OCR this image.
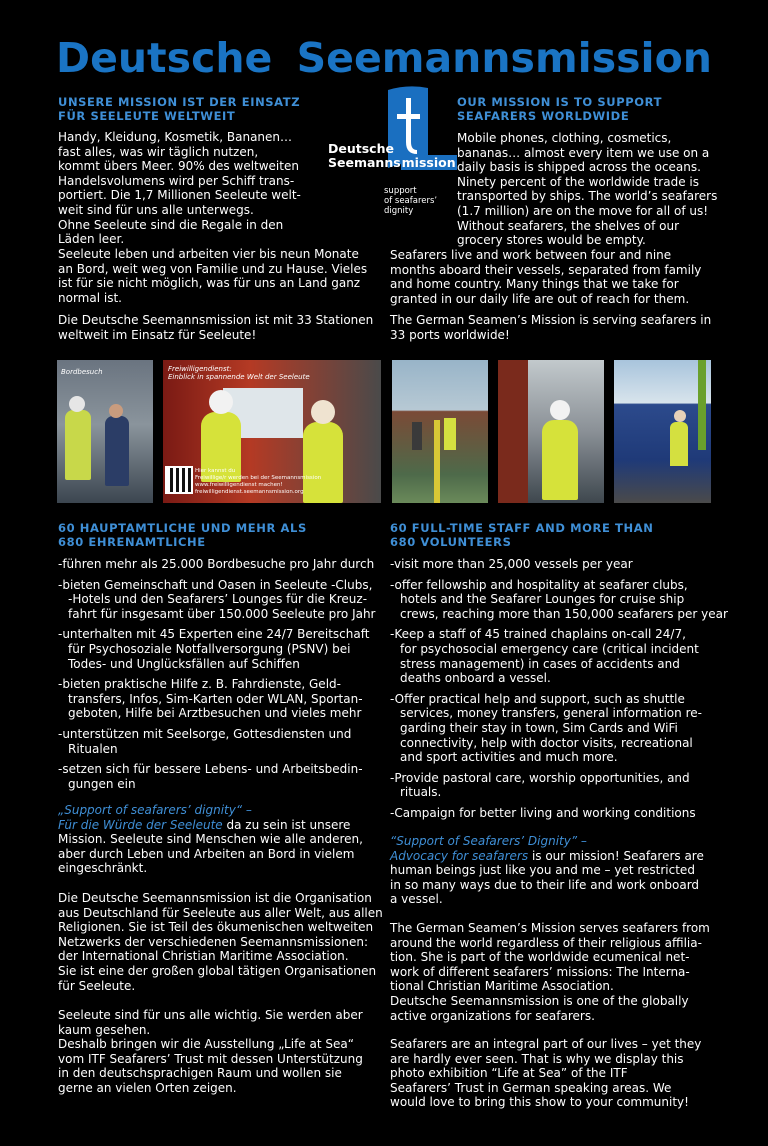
Deutsche Seemannsmission
UNSERE MISSION IST DER EINSATZ
FÜR SEELEUTE WELTWEIT
Handy, Kleidung, Kosmetik, Bananen…
fast alles, was wir täglich nutzen,
kommt übers Meer. 90% des weltweiten
Handelsvolumens wird per Schiff trans-
portiert. Die 1,7 Millionen Seeleute welt-
weit sind für uns alle unterwegs.
Ohne Seeleute sind die Regale in den
Läden leer.
Seeleute leben und arbeiten vier bis neun Monate
an Bord, weit weg von Familie und zu Hause. Vieles
ist für sie nicht möglich, was für uns an Land ganz
normal ist.
Die Deutsche Seemannsmission ist mit 33 Stationen
weltweit im Einsatz für Seeleute!
Deutsche
Seemannsmission
support
of seafarers’
dignity
OUR MISSION IS TO SUPPORT
SEAFARERS WORLDWIDE
Mobile phones, clothing, cosmetics,
bananas… almost every item we use on a
daily basis is shipped across the oceans.
Ninety percent of the worldwide trade is
transported by ships. The world’s seafarers
(1.7 million) are on the move for all of us!
Without seafarers, the shelves of our
grocery stores would be empty.
Seafarers live and work between four and nine
months aboard their vessels, separated from family
and home country. Many things that we take for
granted in our daily life are out of reach for them.
The German Seamen’s Mission is serving seafarers in
33 ports worldwide!
Bordbesuch	Freiwilligendienst:
Einblick in spannende Welt der Seeleute
Hier kannst du
Freiwillige/r werden bei der Seemannsmission
www.freiwilligendienst machen!
freiwilligendienst.seemannsmission.org
60 HAUPTAMTLICHE UND MEHR ALS
680 EHRENAMTLICHE
-führen mehr als 25.000 Bordbesuche pro Jahr durch
-bieten Gemeinschaft und Oasen in Seeleute -Clubs,
-Hotels und den Seafarers’ Lounges für die Kreuz-
fahrt für insgesamt über 150.000 Seeleute pro Jahr
-unterhalten mit 45 Experten eine 24/7 Bereitschaft
für Psychosoziale Notfallversorgung (PSNV) bei
Todes- und Unglücksfällen auf Schiffen
-bieten praktische Hilfe z. B. Fahrdienste, Geld-
transfers, Infos, Sim-Karten oder WLAN, Sportan-
geboten, Hilfe bei Arztbesuchen und vieles mehr
-unterstützen mit Seelsorge, Gottesdiensten und
Ritualen
-setzen sich für bessere Lebens- und Arbeitsbedin-
gungen ein
„Support of seafarers’ dignity“ –
Für die Würde der Seeleute da zu sein ist unsere
Mission. Seeleute sind Menschen wie alle anderen,
aber durch Leben und Arbeiten an Bord in vielem
eingeschränkt.
Die Deutsche Seemannsmission ist die Organisation
aus Deutschland für Seeleute aus aller Welt, aus allen
Religionen. Sie ist Teil des ökumenischen weltweiten
Netzwerks der verschiedenen Seemannsmissionen:
der International Christian Maritime Association.
Sie ist eine der großen global tätigen Organisationen
für Seeleute.
Seeleute sind für uns alle wichtig. Sie werden aber
kaum gesehen.
Deshalb bringen wir die Ausstellung „Life at Sea“
vom ITF Seafarers’ Trust mit dessen Unterstützung
in den deutschsprachigen Raum und wollen sie
gerne an vielen Orten zeigen.
60 FULL-TIME STAFF AND MORE THAN
680 VOLUNTEERS
-visit more than 25,000 vessels per year
-offer fellowship and hospitality at seafarer clubs,
hotels and the Seafarer Lounges for cruise ship
crews, reaching more than 150,000 seafarers per year
-Keep a staff of 45 trained chaplains on-call 24/7,
for psychosocial emergency care (critical incident
stress management) in cases of accidents and
deaths onboard a vessel.
-Offer practical help and support, such as shuttle
services, money transfers, general information re-
garding their stay in town, Sim Cards and WiFi
connectivity, help with doctor visits, recreational
and sport activities and much more.
-Provide pastoral care, worship opportunities, and
rituals.
-Campaign for better living and working conditions
“Support of Seafarers’ Dignity” –
Advocacy for seafarers is our mission! Seafarers are
human beings just like you and me – yet restricted
in so many ways due to their life and work onboard
a vessel.
The German Seamen’s Mission serves seafarers from
around the world regardless of their religious affilia-
tion. She is part of the worldwide ecumenical net-
work of different seafarers’ missions: The Interna-
tional Christian Maritime Association.
Deutsche Seemannsmission is one of the globally
active organizations for seafarers.
Seafarers are an integral part of our lives – yet they
are hardly ever seen. That is why we display this
photo exhibition “Life at Sea” of the ITF
Seafarers’ Trust in German speaking areas. We
would love to bring this show to your community!
